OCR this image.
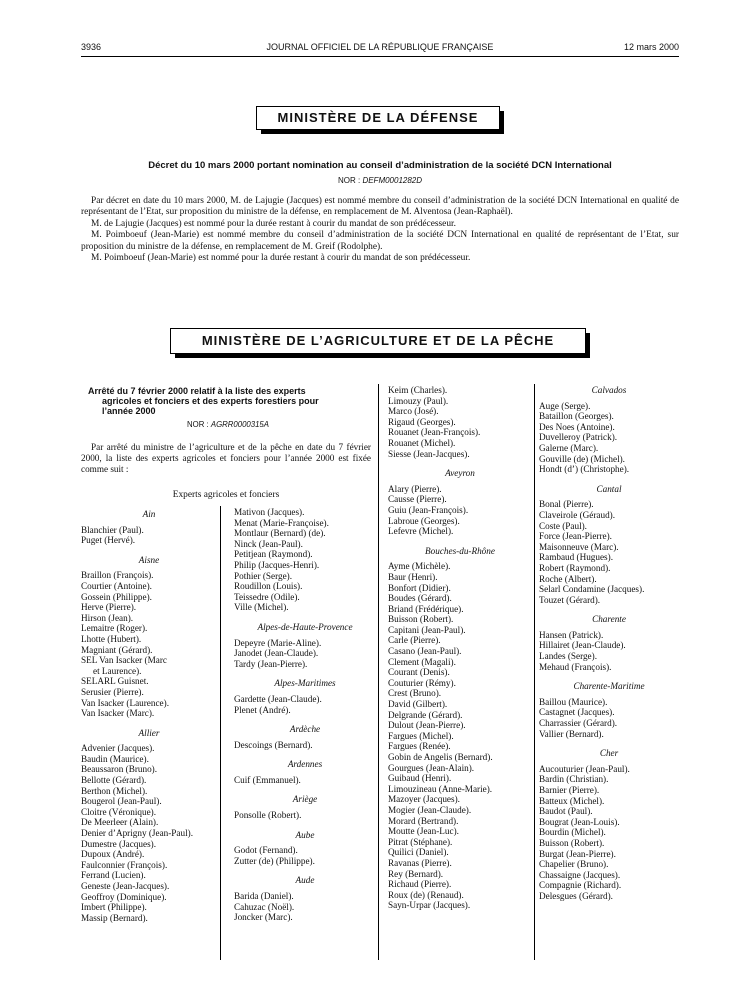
3936	JOURNAL OFFICIEL DE LA RÉPUBLIQUE FRANÇAISE	12 mars 2000
MINISTÈRE DE LA DÉFENSE
Décret du 10 mars 2000 portant nomination au conseil d’administration de la société DCN International
NOR : DEFM0001282D

Par décret en date du 10 mars 2000, M. de Lajugie (Jacques) est nommé membre du conseil d’administration de la société DCN International en qualité de représentant de l’Etat, sur proposition du ministre de la défense, en remplacement de M. Alventosa (Jean-Raphaël).

M. de Lajugie (Jacques) est nommé pour la durée restant à courir du mandat de son prédécesseur.

M. Poimboeuf (Jean-Marie) est nommé membre du conseil d’administration de la société DCN International en qualité de représentant de l’Etat, sur proposition du ministre de la défense, en remplacement de M. Greif (Rodolphe).

M. Poimboeuf (Jean-Marie) est nommé pour la durée restant à courir du mandat de son prédécesseur.

MINISTÈRE DE L’AGRICULTURE ET DE LA PÊCHE
Arrêté du 7 février 2000 relatif à la liste des experts
agricoles et fonciers et des experts forestiers pour
l’année 2000
NOR : AGRR0000315A

Par arrêté du ministre de l’agriculture et de la pêche en date du 7 février 2000, la liste des experts agricoles et fonciers pour l’année 2000 est fixée comme suit :

Experts agricoles et fonciers
Ain
Blanchier (Paul).
Puget (Hervé).
Aisne
Braillon (François).
Courtier (Antoine).
Gossein (Philippe).
Herve (Pierre).
Hirson (Jean).
Lemaitre (Roger).
Lhotte (Hubert).
Magniant (Gérard).
SEL Van Isacker (Marc
et Laurence).
SELARL Guisnet.
Serusier (Pierre).
Van Isacker (Laurence).
Van Isacker (Marc).
Allier
Advenier (Jacques).
Baudin (Maurice).
Beaussaron (Bruno).
Bellotte (Gérard).
Berthon (Michel).
Bougerol (Jean-Paul).
Cloitre (Véronique).
De Meerleer (Alain).
Denier d’Aprigny (Jean-Paul).
Dumestre (Jacques).
Dupoux (André).
Faulconnier (François).
Ferrand (Lucien).
Geneste (Jean-Jacques).
Geoffroy (Dominique).
Imbert (Philippe).
Massip (Bernard).
Mativon (Jacques).
Menat (Marie-Françoise).
Montlaur (Bernard) (de).
Ninck (Jean-Paul).
Petitjean (Raymond).
Philip (Jacques-Henri).
Pothier (Serge).
Roudillon (Louis).
Teissedre (Odile).
Ville (Michel).
Alpes-de-Haute-Provence
Depeyre (Marie-Aline).
Janodet (Jean-Claude).
Tardy (Jean-Pierre).
Alpes-Maritimes
Gardette (Jean-Claude).
Plenet (André).
Ardèche
Descoings (Bernard).
Ardennes
Cuif (Emmanuel).
Ariège
Ponsolle (Robert).
Aube
Godot (Fernand).
Zutter (de) (Philippe).
Aude
Barida (Daniel).
Cahuzac (Noël).
Joncker (Marc).
Keim (Charles).
Limouzy (Paul).
Marco (José).
Rigaud (Georges).
Rouanet (Jean-François).
Rouanet (Michel).
Siesse (Jean-Jacques).
Aveyron
Alary (Pierre).
Causse (Pierre).
Guiu (Jean-François).
Labroue (Georges).
Lefevre (Michel).
Bouches-du-Rhône
Ayme (Michèle).
Baur (Henri).
Bonfort (Didier).
Boudes (Gérard).
Briand (Frédérique).
Buisson (Robert).
Capitani (Jean-Paul).
Carle (Pierre).
Casano (Jean-Paul).
Clement (Magali).
Courant (Denis).
Couturier (Rémy).
Crest (Bruno).
David (Gilbert).
Delgrande (Gérard).
Dulout (Jean-Pierre).
Fargues (Michel).
Fargues (Renée).
Gobin de Angelis (Bernard).
Gourgues (Jean-Alain).
Guibaud (Henri).
Limouzineau (Anne-Marie).
Mazoyer (Jacques).
Mogier (Jean-Claude).
Morard (Bertrand).
Moutte (Jean-Luc).
Pitrat (Stéphane).
Quilici (Daniel).
Ravanas (Pierre).
Rey (Bernard).
Richaud (Pierre).
Roux (de) (Renaud).
Sayn-Urpar (Jacques).
Calvados
Auge (Serge).
Bataillon (Georges).
Des Noes (Antoine).
Duvelleroy (Patrick).
Galerne (Marc).
Gouville (de) (Michel).
Hondt (d’) (Christophe).
Cantal
Bonal (Pierre).
Claveirole (Géraud).
Coste (Paul).
Force (Jean-Pierre).
Maisonneuve (Marc).
Rambaud (Hugues).
Robert (Raymond).
Roche (Albert).
Selarl Condamine (Jacques).
Touzet (Gérard).
Charente
Hansen (Patrick).
Hillairet (Jean-Claude).
Landes (Serge).
Mehaud (François).
Charente-Maritime
Baillou (Maurice).
Castagnet (Jacques).
Charrassier (Gérard).
Vallier (Bernard).
Cher
Aucouturier (Jean-Paul).
Bardin (Christian).
Barnier (Pierre).
Batteux (Michel).
Baudot (Paul).
Bougrat (Jean-Louis).
Bourdin (Michel).
Buisson (Robert).
Burgat (Jean-Pierre).
Chapelier (Bruno).
Chassaigne (Jacques).
Compagnie (Richard).
Delesgues (Gérard).
